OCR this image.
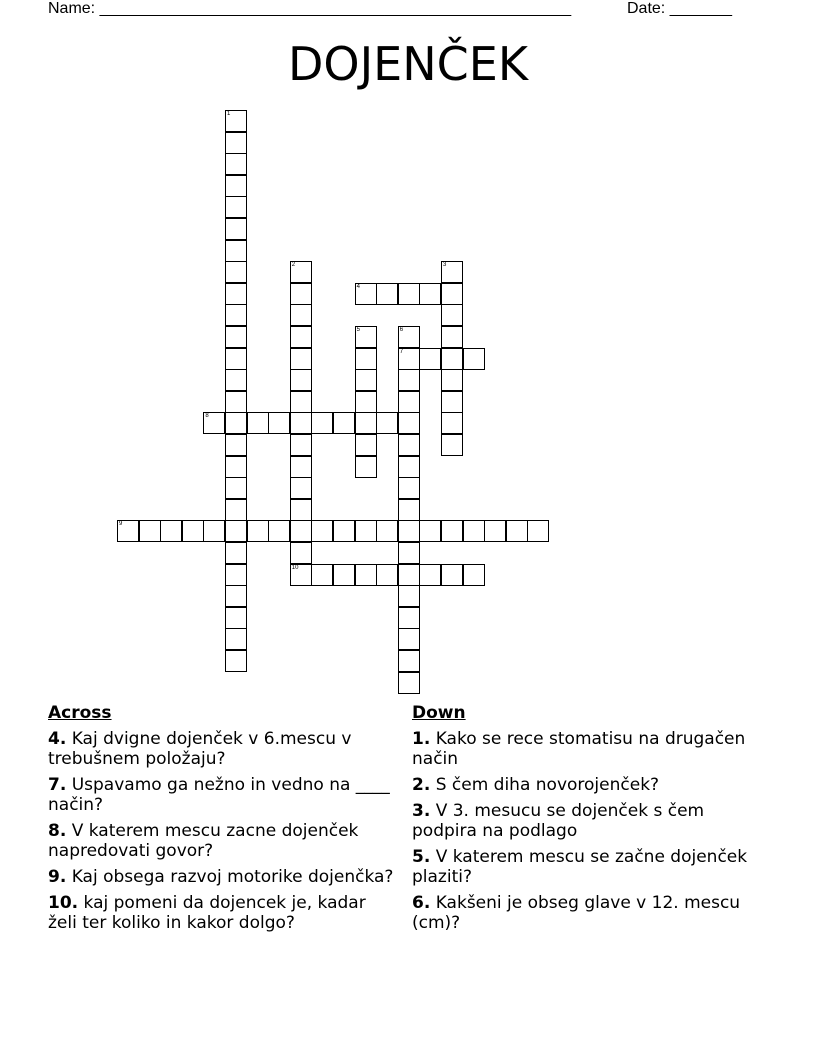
Name: _____________________________________________________	Date: _______
DOJENČEK
1
2	3
4
5	6
7
8
9
10
Across
4. Kaj dvigne dojenček v 6.mescu v trebušnem položaju?
7. Uspavamo ga nežno in vedno na ____ način?
8. V katerem mescu zacne dojenček napredovati govor?
9. Kaj obsega razvoj motorike dojenčka?
10. kaj pomeni da dojencek je, kadar želi ter koliko in kakor dolgo?
Down
1. Kako se rece stomatisu na drugačen način
2. S čem diha novorojenček?
3. V 3. mesucu se dojenček s čem podpira na podlago
5. V katerem mescu se začne dojenček plaziti?
6. Kakšeni je obseg glave v 12. mescu (cm)?
